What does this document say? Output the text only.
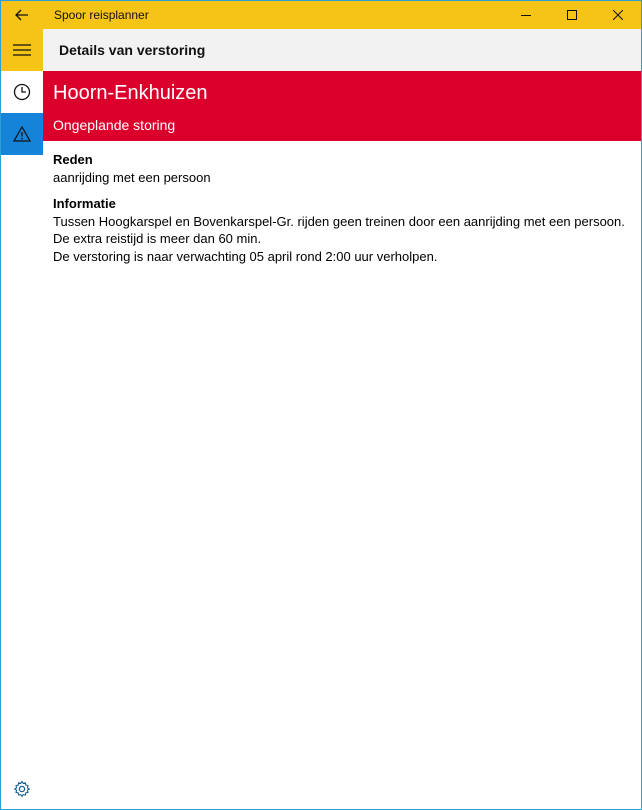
Spoor reisplanner
Details van verstoring
Hoorn-Enkhuizen
Ongeplande storing
Reden
aanrijding met een persoon
Informatie
Tussen Hoogkarspel en Bovenkarspel-Gr. rijden geen treinen door een aanrijding met een persoon.
De extra reistijd is meer dan 60 min.
De verstoring is naar verwachting 05 april rond 2:00 uur verholpen.
